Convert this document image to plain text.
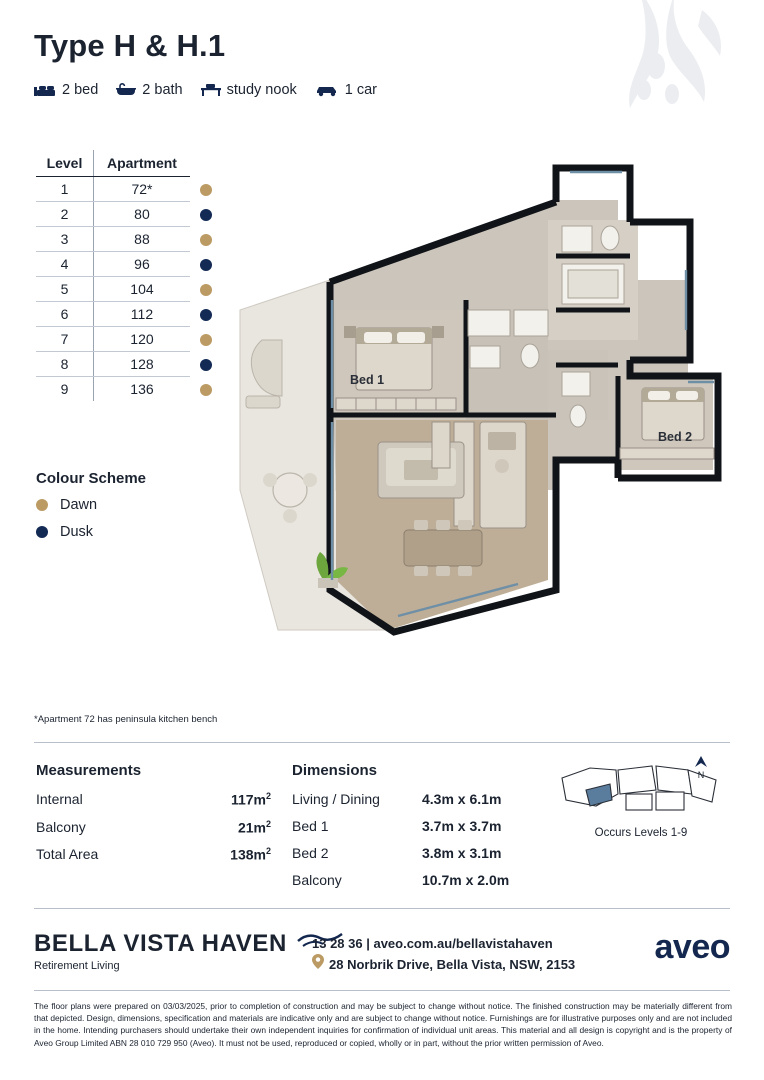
Type H & H.1
2 bed	2 bath	study nook	1 car
Level	Apartment	
1	72*	
2	80	
3	88	
4	96	
5	104	
6	112	
7	120	
8	128	
9	136	
Colour Scheme
Dawn
Dusk
Bed 1
Bed 2
*Apartment 72 has peninsula kitchen bench
Measurements
Internal	$117m^2$
Balcony	$21m^2$
Total Area	$138m^2$
Dimensions
Living / Dining	4.3m x 6.1m
Bed 1	3.7m x 3.7m
Bed 2	3.8m x 3.1m
Balcony	10.7m x 2.0m
N
Occurs Levels 1-9
BELLA VISTA HAVEN
Retirement Living
13 28 36 | aveo.com.au/bellavistahaven
28 Norbrik Drive, Bella Vista, NSW, 2153 aveo
The floor plans were prepared on 03/03/2025, prior to completion of construction and may be subject to change without notice. The finished construction may be materially different from that depicted. Design, dimensions, specification and materials are indicative only and are subject to change without notice. Furnishings are for illustrative purposes only and are not included in the home. Intending purchasers should undertake their own independent inquiries for confirmation of individual unit areas. This material and all design is copyright and is the property of Aveo Group Limited ABN 28 010 729 950 (Aveo). It must not be used, reproduced or copied, wholly or in part, without the prior written permission of Aveo.
